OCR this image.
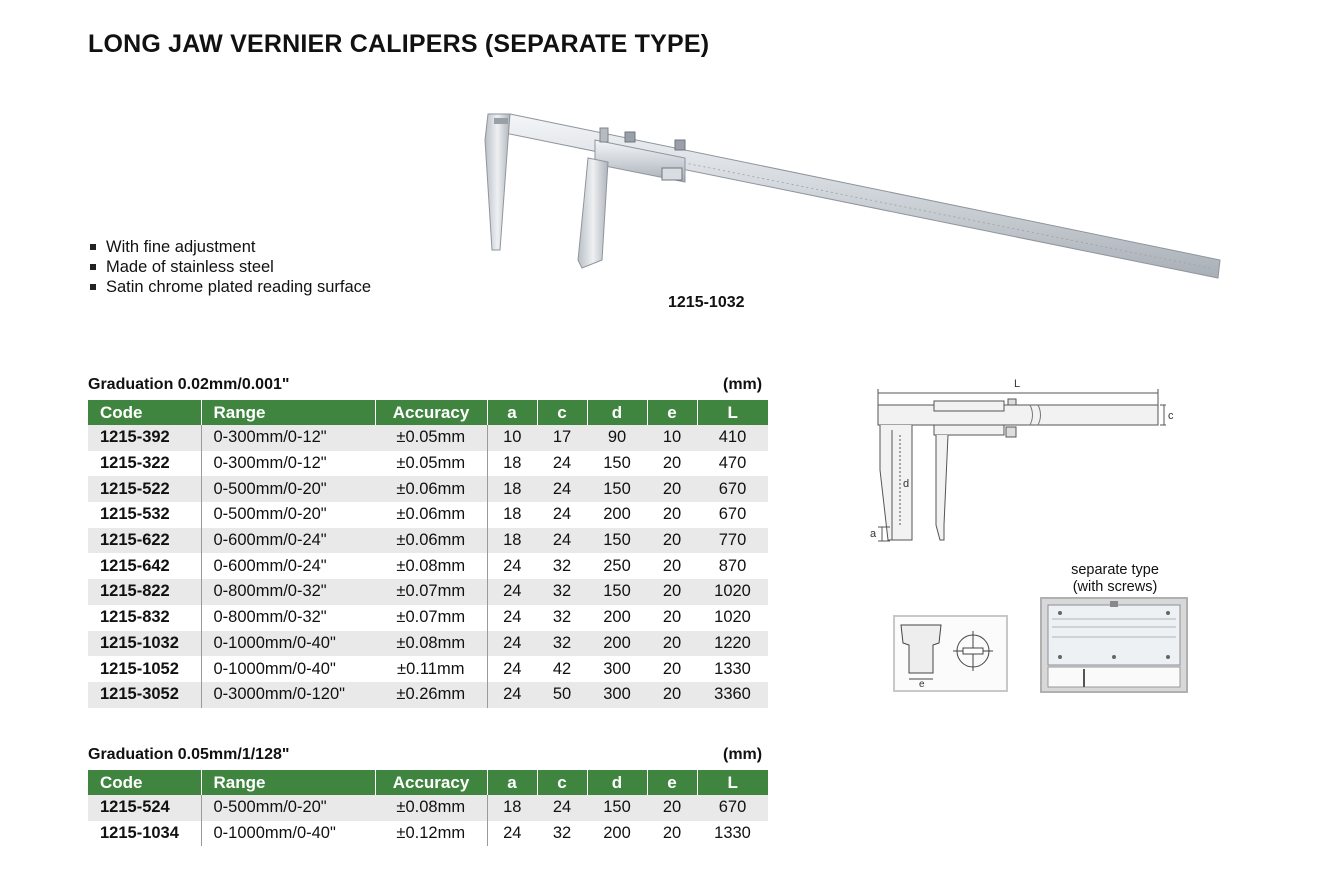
LONG JAW VERNIER CALIPERS (SEPARATE TYPE)
1215-1032
With fine adjustment
Made of stainless steel
Satin chrome plated reading surface
Graduation 0.02mm/0.001"	(mm)
Code	Range	Accuracy	a	c	d	e	L
1215-392	0-300mm/0-12"	±0.05mm	10	17	90	10	410
1215-322	0-300mm/0-12"	±0.05mm	18	24	150	20	470
1215-522	0-500mm/0-20"	±0.06mm	18	24	150	20	670
1215-532	0-500mm/0-20"	±0.06mm	18	24	200	20	670
1215-622	0-600mm/0-24"	±0.06mm	18	24	150	20	770
1215-642	0-600mm/0-24"	±0.08mm	24	32	250	20	870
1215-822	0-800mm/0-32"	±0.07mm	24	32	150	20	1020
1215-832	0-800mm/0-32"	±0.07mm	24	32	200	20	1020
1215-1032	0-1000mm/0-40"	±0.08mm	24	32	200	20	1220
1215-1052	0-1000mm/0-40"	±0.11mm	24	42	300	20	1330
1215-3052	0-3000mm/0-120"	±0.26mm	24	50	300	20	3360
Graduation 0.05mm/1/128"	(mm)
Code	Range	Accuracy	a	c	d	e	L
1215-524	0-500mm/0-20"	±0.08mm	18	24	150	20	670
1215-1034	0-1000mm/0-40"	±0.12mm	24	32	200	20	1330
L
c
d
a
separate type
(with screws)
e
